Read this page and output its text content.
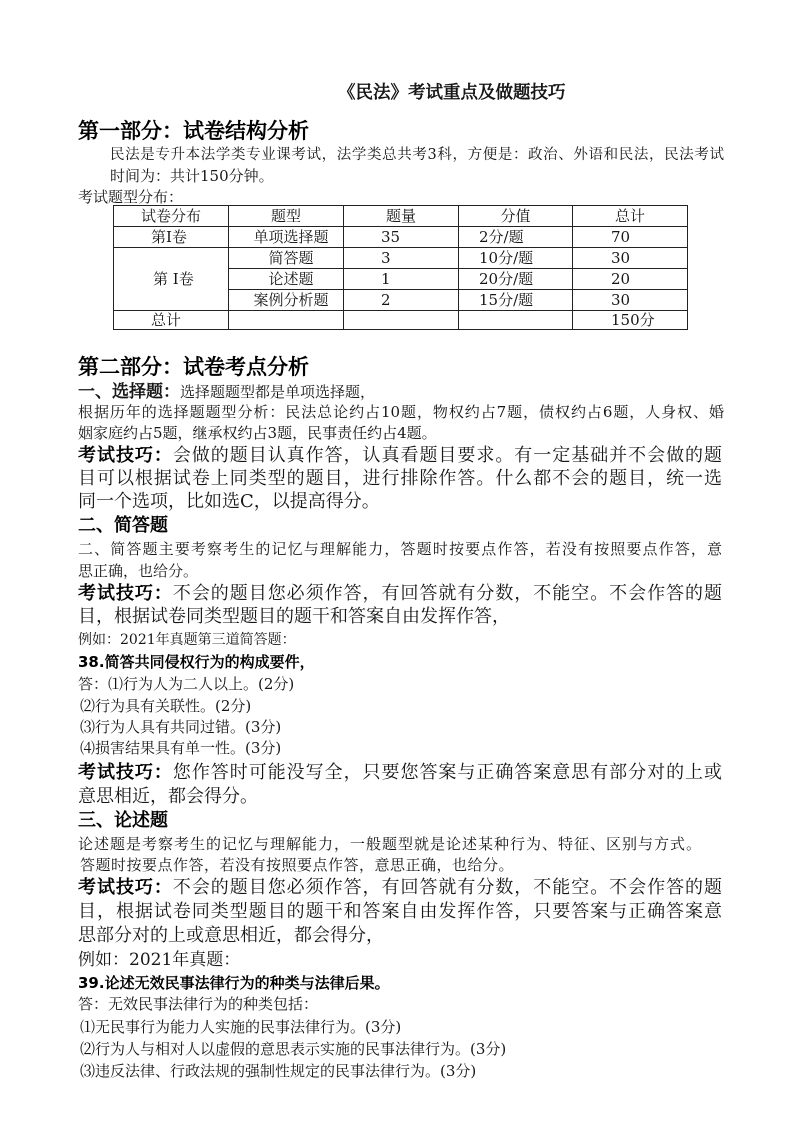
《民法》考试重点及做题技巧
第一部分：试卷结构分析
民法是专升本法学类专业课考试，法学类总共考3科，方便是：政治、外语和民法，民法考试
时间为：共计150分钟。
考试题型分布：
试卷分布	题型	题量	分值	总计
第I卷	单项选择题	35	2分/题	70
第 I卷	简答题	3	10分/题	30
	论述题	1	20分/题	20
	案例分析题	2	15分/题	30
总计				150分
第二部分：试卷考点分析
一、选择题：选择题题型都是单项选择题，
根据历年的选择题题型分析：民法总论约占10题，物权约占7题，债权约占6题，人身权、婚
姻家庭约占5题，继承权约占3题，民事责任约占4题。
考试技巧：会做的题目认真作答，认真看题目要求。有一定基础并不会做的题
目可以根据试卷上同类型的题目，进行排除作答。什么都不会的题目，统一选
同一个选项，比如选C，以提高得分。
二、简答题
二、简答题主要考察考生的记忆与理解能力，答题时按要点作答，若没有按照要点作答，意
思正确，也给分。
考试技巧：不会的题目您必须作答，有回答就有分数，不能空。不会作答的题
目，根据试卷同类型题目的题干和答案自由发挥作答，
例如：2021年真题第三道简答题：
38.简答共同侵权行为的构成要件，
答：⑴行为人为二人以上。(2分)
⑵行为具有关联性。(2分)
⑶行为人具有共同过错。(3分)
⑷损害结果具有单一性。(3分)
考试技巧：您作答时可能没写全，只要您答案与正确答案意思有部分对的上或
意思相近，都会得分。
三、论述题
论述题是考察考生的记忆与理解能力，一般题型就是论述某种行为、特征、区别与方式。
答题时按要点作答，若没有按照要点作答，意思正确，也给分。
考试技巧：不会的题目您必须作答，有回答就有分数，不能空。不会作答的题
目，根据试卷同类型题目的题干和答案自由发挥作答，只要答案与正确答案意
思部分对的上或意思相近，都会得分，
例如：2021年真题：
39.论述无效民事法律行为的种类与法律后果。
答：无效民事法律行为的种类包括：
⑴无民事行为能力人实施的民事法律行为。(3分)
⑵行为人与相对人以虚假的意思表示实施的民事法律行为。(3分)
⑶违反法律、行政法规的强制性规定的民事法律行为。(3分)
